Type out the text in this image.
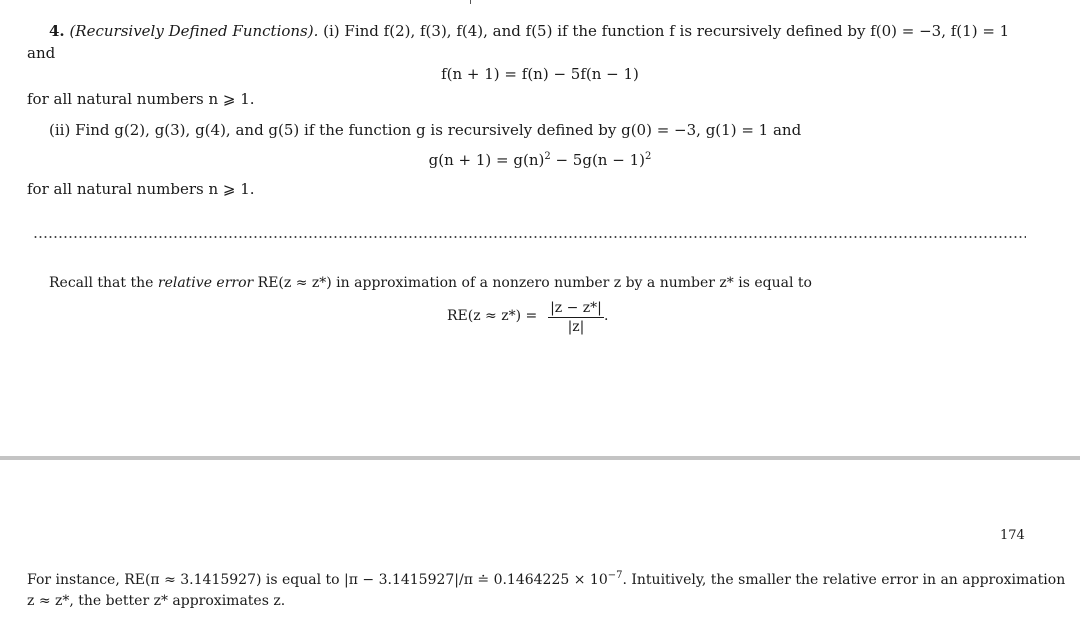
4. (Recursively Defined Functions). (i) Find f(2), f(3), f(4), and f(5) if the function f is recursively defined by f(0) = −3, f(1) = 1
and
f(n + 1) = f(n) − 5f(n − 1)
for all natural numbers n ⩾ 1.
(ii) Find g(2), g(3), g(4), and g(5) if the function g is recursively defined by g(0) = −3, g(1) = 1 and
$g(n + 1) = g(n)^2 - 5g(n - 1)^2$
for all natural numbers n ⩾ 1.
Recall that the relative error RE(z ≈ z*) in approximation of a nonzero number z by a number z* is equal to
RE(z ≈ z*) = |z − z*|
|z|
.
174
For instance, RE(π ≈ 3.1415927) is equal to |π − 3.1415927|/π ≐ $0.1464225 \times 10^{-7}$. Intuitively, the smaller the relative error in an approximation
z ≈ z*, the better z* approximates z.
